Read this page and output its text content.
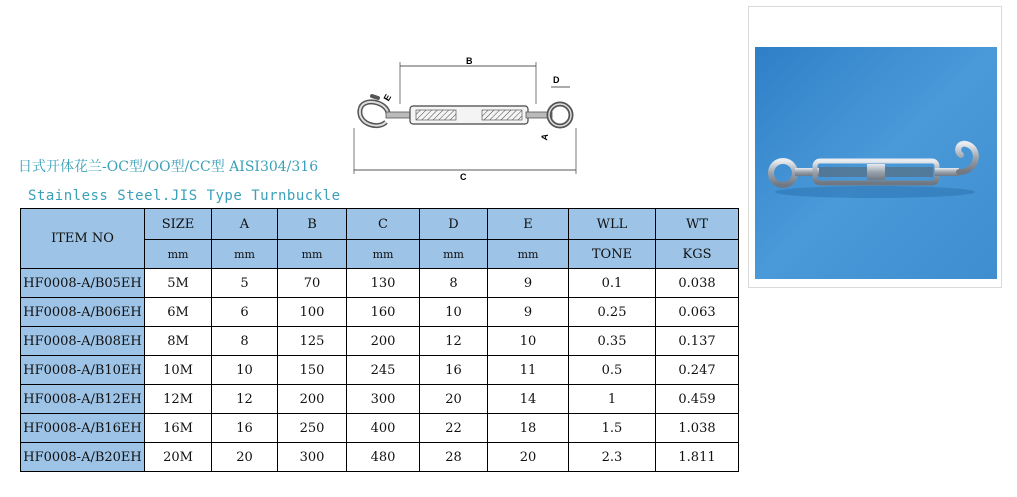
日式开体花兰-OC型/OO型/CC型 AISI304/316
Stainless Steel.JIS Type Turnbuckle
B
D
E
A
C
ITEM NO	SIZE	A	B	C	D	E	WLL	WT
	mm	mm	mm	mm	mm	mm	TONE	KGS
HF0008-A/B05EH	5M	5	70	130	8	9	0.1	0.038
HF0008-A/B06EH	6M	6	100	160	10	9	0.25	0.063
HF0008-A/B08EH	8M	8	125	200	12	10	0.35	0.137
HF0008-A/B10EH	10M	10	150	245	16	11	0.5	0.247
HF0008-A/B12EH	12M	12	200	300	20	14	1	0.459
HF0008-A/B16EH	16M	16	250	400	22	18	1.5	1.038
HF0008-A/B20EH	20M	20	300	480	28	20	2.3	1.811
